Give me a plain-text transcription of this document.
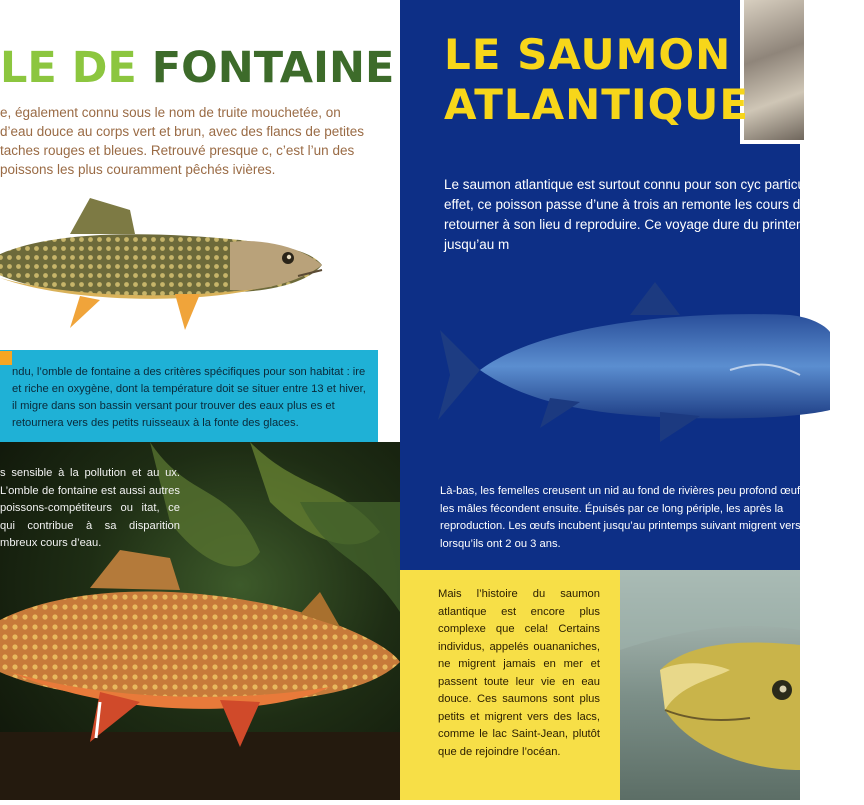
LE DE FONTAINE

e, également connu sous le nom de truite mouchetée, on d’eau douce au corps vert et brun, avec des flancs de petites taches rouges et bleues. Retrouvé presque c, c’est l’un des poissons les plus couramment pêchés ivières.

ndu, l’omble de fontaine a des critères spécifiques pour son habitat : ire et riche en oxygène, dont la température doit se situer entre 13 et hiver, il migre dans son bassin versant pour trouver des eaux plus es et retournera vers des petits ruisseaux à la fonte des glaces.

s sensible à la pollution et au ux. L’omble de fontaine est aussi autres poissons-compétiteurs ou itat, ce qui contribue à sa disparition mbreux cours d’eau.

LE SAUMON
ATLANTIQUE

Le saumon atlantique est surtout connu pour son cyc particulier. En effet, ce poisson passe d’une à trois an remonte les cours d’eau pour retourner à son lieu d reproduire. Ce voyage dure du printemps jusqu’au m

Là-bas, les femelles creusent un nid au fond de rivières peu profond œufs, que les mâles fécondent ensuite. Épuisés par ce long périple, les après la reproduction. Les œufs incubent jusqu’au printemps suivant migrent vers l’océan lorsqu’ils ont 2 ou 3 ans.

Mais l’histoire du saumon atlantique est encore plus complexe que cela! Certains individus, appelés ouananiches, ne migrent jamais en mer et passent toute leur vie en eau douce. Ces saumons sont plus petits et migrent vers des lacs, comme le lac Saint-Jean, plutôt que de rejoindre l’océan.
